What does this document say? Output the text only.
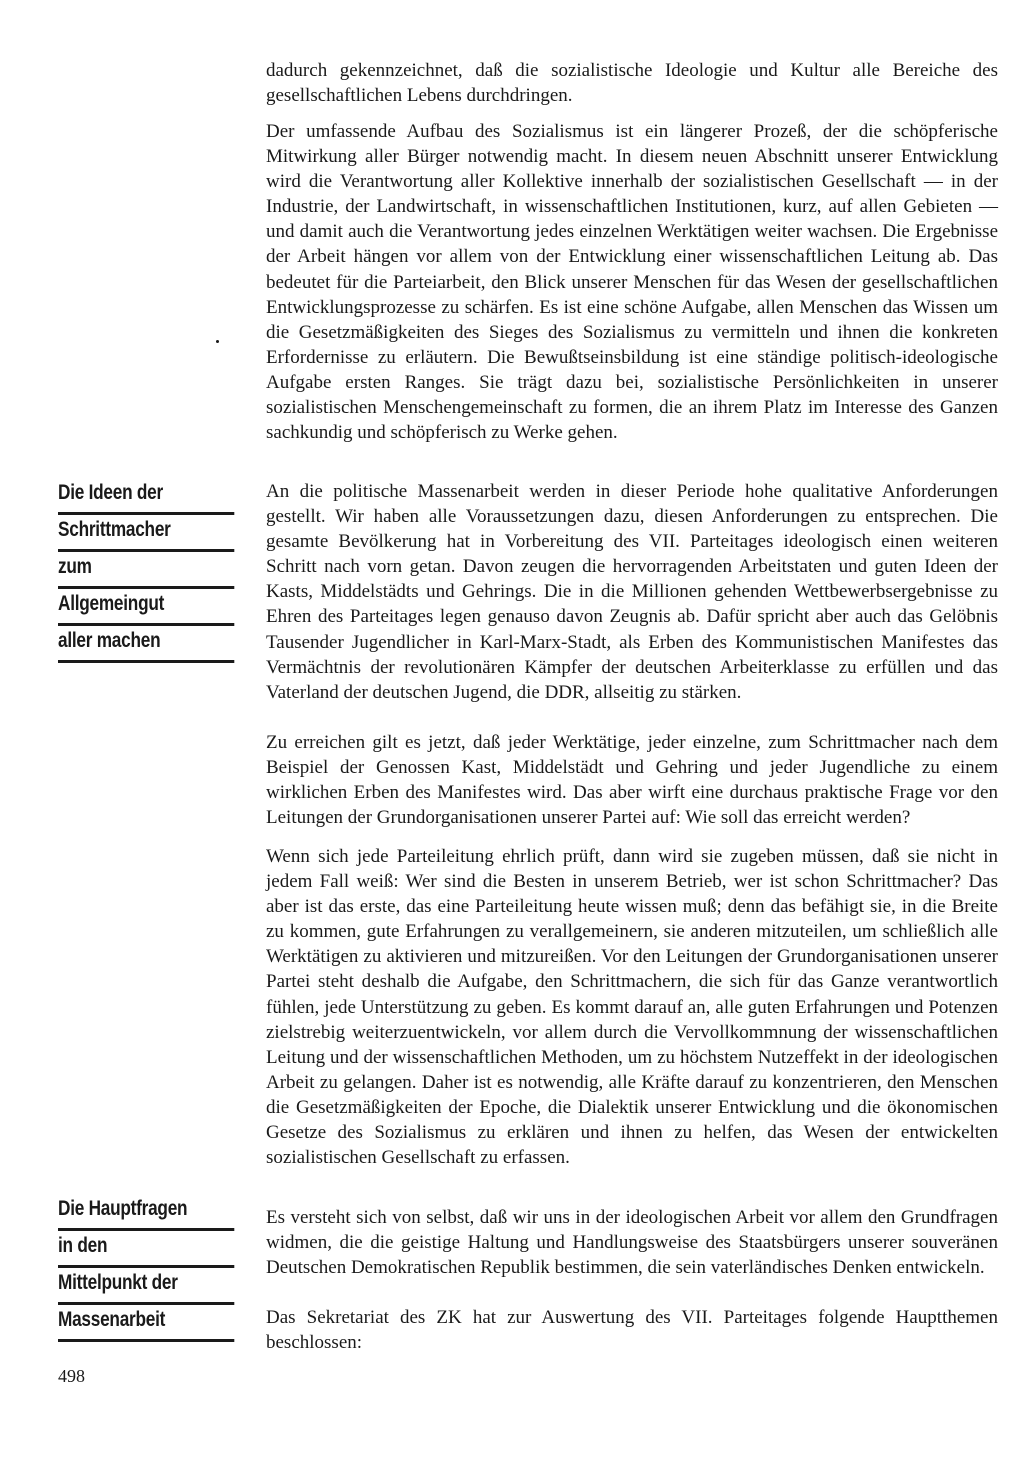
Die Ideen der
Schrittmacher
zum
Allgemeingut
aller machen
Die Hauptfragen
in den
Mittelpunkt der
Massenarbeit

dadurch gekennzeichnet, daß die sozialistische Ideologie und Kultur alle Bereiche des gesellschaftlichen Lebens durchdringen.

Der umfassende Aufbau des Sozialismus ist ein längerer Prozeß, der die schöpferische Mitwirkung aller Bürger notwendig macht. In diesem neuen Abschnitt unserer Entwicklung wird die Verantwortung aller Kollektive innerhalb der sozialistischen Gesellschaft — in der Industrie, der Landwirtschaft, in wissenschaftlichen Institutionen, kurz, auf allen Gebieten — und damit auch die Verantwortung jedes einzelnen Werktätigen weiter wachsen. Die Ergebnisse der Arbeit hängen vor allem von der Entwicklung einer wissenschaftlichen Leitung ab. Das bedeutet für die Parteiarbeit, den Blick unserer Menschen für das Wesen der gesellschaftlichen Entwicklungsprozesse zu schärfen. Es ist eine schöne Aufgabe, allen Menschen das Wissen um die Gesetzmäßigkeiten des Sieges des Sozialismus zu vermitteln und ihnen die konkreten Erfordernisse zu erläutern. Die Bewußtseinsbildung ist eine ständige politisch-ideologische Aufgabe ersten Ranges. Sie trägt dazu bei, sozialistische Persönlichkeiten in unserer sozialistischen Menschengemeinschaft zu formen, die an ihrem Platz im Interesse des Ganzen sachkundig und schöpferisch zu Werke gehen.

An die politische Massenarbeit werden in dieser Periode hohe qualitative Anforderungen gestellt. Wir haben alle Voraussetzungen dazu, diesen Anforderungen zu entsprechen. Die gesamte Bevölkerung hat in Vorbereitung des VII. Parteitages ideologisch einen weiteren Schritt nach vorn getan. Davon zeugen die hervorragenden Arbeitstaten und guten Ideen der Kasts, Middelstädts und Gehrings. Die in die Millionen gehenden Wettbewerbsergebnisse zu Ehren des Parteitages legen genauso davon Zeugnis ab. Dafür spricht aber auch das Gelöbnis Tausender Jugendlicher in Karl-Marx-Stadt, als Erben des Kommunistischen Manifestes das Vermächtnis der revolutionären Kämpfer der deutschen Arbeiterklasse zu erfüllen und das Vaterland der deutschen Jugend, die DDR, allseitig zu stärken.

Zu erreichen gilt es jetzt, daß jeder Werktätige, jeder einzelne, zum Schrittmacher nach dem Beispiel der Genossen Kast, Middelstädt und Gehring und jeder Jugendliche zu einem wirklichen Erben des Manifestes wird. Das aber wirft eine durchaus praktische Frage vor den Leitungen der Grundorganisationen unserer Partei auf: Wie soll das erreicht werden?

Wenn sich jede Parteileitung ehrlich prüft, dann wird sie zugeben müssen, daß sie nicht in jedem Fall weiß: Wer sind die Besten in unserem Betrieb, wer ist schon Schrittmacher? Das aber ist das erste, das eine Parteileitung heute wissen muß; denn das befähigt sie, in die Breite zu kommen, gute Erfahrungen zu verallgemeinern, sie anderen mitzuteilen, um schließlich alle Werktätigen zu aktivieren und mitzureißen. Vor den Leitungen der Grundorganisationen unserer Partei steht deshalb die Aufgabe, den Schrittmachern, die sich für das Ganze verantwortlich fühlen, jede Unterstützung zu geben. Es kommt darauf an, alle guten Erfahrungen und Potenzen zielstrebig weiterzuentwickeln, vor allem durch die Vervollkommnung der wissenschaftlichen Leitung und der wissenschaftlichen Methoden, um zu höchstem Nutzeffekt in der ideologischen Arbeit zu gelangen. Daher ist es notwendig, alle Kräfte darauf zu konzentrieren, den Menschen die Gesetzmäßigkeiten der Epoche, die Dialektik unserer Entwicklung und die ökonomischen Gesetze des Sozialismus zu erklären und ihnen zu helfen, das Wesen der entwickelten sozialistischen Gesellschaft zu erfassen.

Es versteht sich von selbst, daß wir uns in der ideologischen Arbeit vor allem den Grundfragen widmen, die die geistige Haltung und Handlungsweise des Staatsbürgers unserer souveränen Deutschen Demokratischen Republik bestimmen, die sein vaterländisches Denken entwickeln.

Das Sekretariat des ZK hat zur Auswertung des VII. Parteitages folgende Hauptthemen beschlossen:

498
